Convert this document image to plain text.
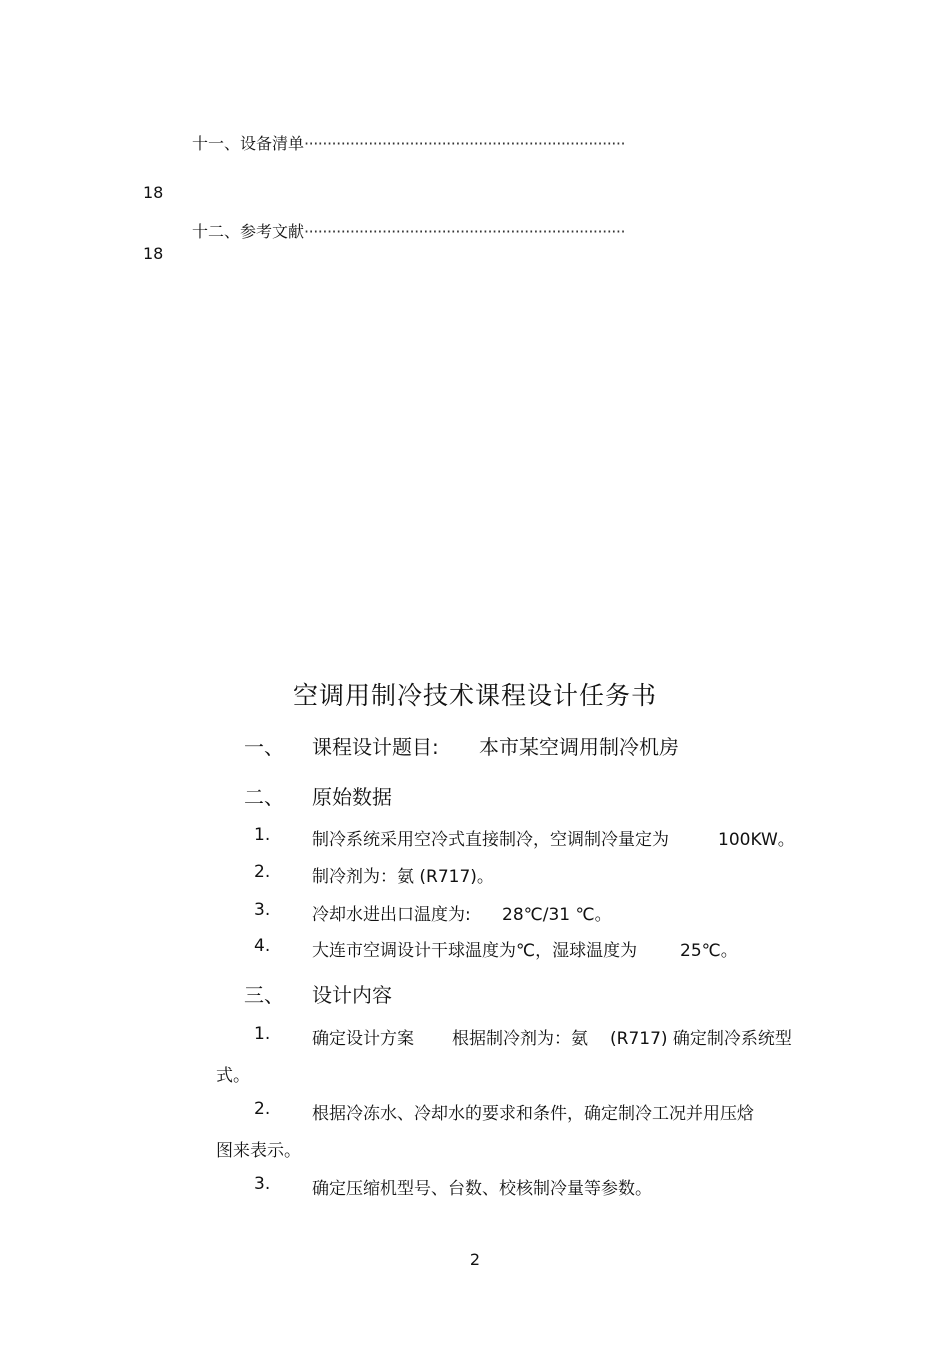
十一、设备清单······································································
18
十二、参考文献······································································
18
空调用制冷技术课程设计任务书
一、 课程设计题目: 本市某空调用制冷机房
二、 原始数据
1. 制冷系统采用空冷式直接制冷，空调制冷量定为	100KW。
2. 制冷剂为：氨 (R717)。
3. 冷却水进出口温度为: 28℃/31 ℃。
4. 大连市空调设计干球温度为℃，湿球温度为	25℃。
三、 设计内容
1. 确定设计方案 根据制冷剂为：氨 (R717) 确定制冷系统型
式。
2. 根据冷冻水、冷却水的要求和条件，确定制冷工况并用压焓
图来表示。
3. 确定压缩机型号、台数、校核制冷量等参数。
2
